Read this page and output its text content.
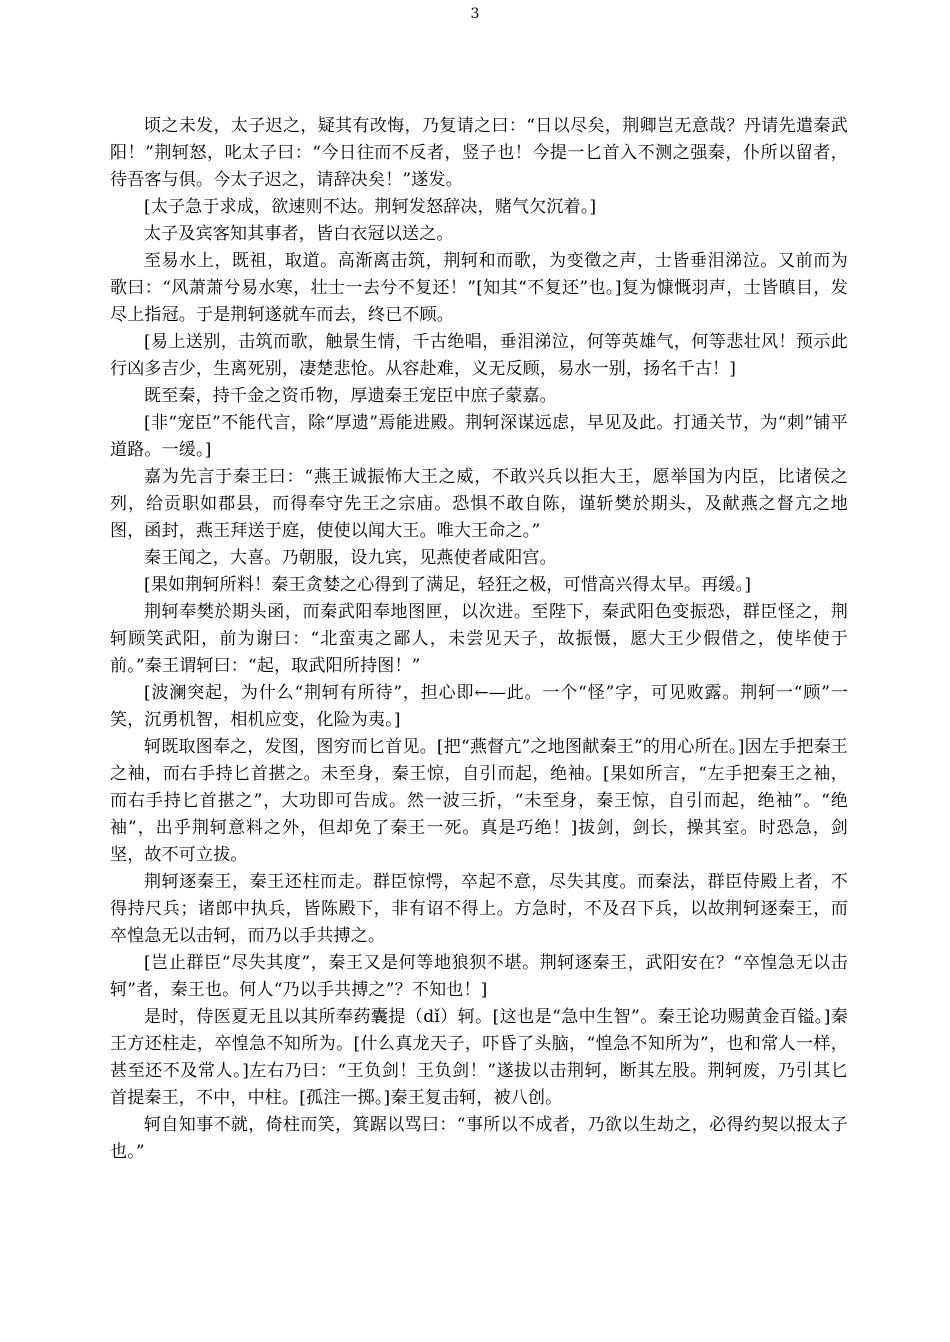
3

顷之未发，太子迟之，疑其有改悔，乃复请之曰：“日以尽矣，荆卿岂无意哉？丹请先遣秦武阳！”荆轲怒，叱太子曰：“今日往而不反者，竖子也！今提一匕首入不测之强秦，仆所以留者，待吾客与俱。今太子迟之，请辞决矣！”遂发。

[太子急于求成，欲速则不达。荆轲发怒辞决，赌气欠沉着。]

太子及宾客知其事者，皆白衣冠以送之。

至易水上，既祖，取道。高渐离击筑，荆轲和而歌，为变徵之声，士皆垂泪涕泣。又前而为歌曰：“风萧萧兮易水寒，壮士一去兮不复还！”[知其“不复还”也。]复为慷慨羽声，士皆瞋目，发尽上指冠。于是荆轲遂就车而去，终已不顾。

[易上送别，击筑而歌，触景生情，千古绝唱，垂泪涕泣，何等英雄气，何等悲壮风！预示此行凶多吉少，生离死别，凄楚悲怆。从容赴难，义无反顾，易水一别，扬名千古！]

既至秦，持千金之资币物，厚遗秦王宠臣中庶子蒙嘉。

[非“宠臣”不能代言，除“厚遗”焉能进殿。荆轲深谋远虑，早见及此。打通关节，为“刺”铺平道路。一缓。]

嘉为先言于秦王曰：“燕王诚振怖大王之威，不敢兴兵以拒大王，愿举国为内臣，比诸侯之列，给贡职如郡县，而得奉守先王之宗庙。恐惧不敢自陈，谨斩樊於期头，及献燕之督亢之地图，函封，燕王拜送于庭，使使以闻大王。唯大王命之。”

秦王闻之，大喜。乃朝服，设九宾，见燕使者咸阳宫。

[果如荆轲所料！秦王贪婪之心得到了满足，轻狂之极，可惜高兴得太早。再缓。]

荆轲奉樊於期头函，而秦武阳奉地图匣，以次进。至陛下，秦武阳色变振恐，群臣怪之，荆轲顾笑武阳，前为谢曰：“北蛮夷之鄙人，未尝见天子，故振慑，愿大王少假借之，使毕使于前。”秦王谓轲曰：“起，取武阳所持图！”

[波澜突起，为什么“荆轲有所待”，担心即←—此。一个“怪”字，可见败露。荆轲一“顾”一笑，沉勇机智，相机应变，化险为夷。]

轲既取图奉之，发图，图穷而匕首见。[把“燕督亢”之地图献秦王”的用心所在。]因左手把秦王之袖，而右手持匕首揕之。未至身，秦王惊，自引而起，绝袖。[果如所言，“左手把秦王之袖，而右手持匕首揕之”，大功即可告成。然一波三折，“未至身，秦王惊，自引而起，绝袖”。“绝袖”，出乎荆轲意料之外，但却免了秦王一死。真是巧绝！]拔剑，剑长，操其室。时恐急，剑坚，故不可立拔。

荆轲逐秦王，秦王还柱而走。群臣惊愕，卒起不意，尽失其度。而秦法，群臣侍殿上者，不得持尺兵；诸郎中执兵，皆陈殿下，非有诏不得上。方急时，不及召下兵，以故荆轲逐秦王，而卒惶急无以击轲，而乃以手共搏之。

[岂止群臣“尽失其度”，秦王又是何等地狼狈不堪。荆轲逐秦王，武阳安在？“卒惶急无以击轲”者，秦王也。何人“乃以手共搏之”？不知也！]

是时，侍医夏无且以其所奉药囊提（dǐ）轲。[这也是“急中生智”。秦王论功赐黄金百镒。]秦王方还柱走，卒惶急不知所为。[什么真龙天子，吓昏了头脑，“惶急不知所为”，也和常人一样，甚至还不及常人。]左右乃曰：“王负剑！王负剑！”遂拔以击荆轲，断其左股。荆轲废，乃引其匕首提秦王，不中，中柱。[孤注一掷。]秦王复击轲，被八创。

轲自知事不就，倚柱而笑，箕踞以骂曰：“事所以不成者，乃欲以生劫之，必得约契以报太子也。”
